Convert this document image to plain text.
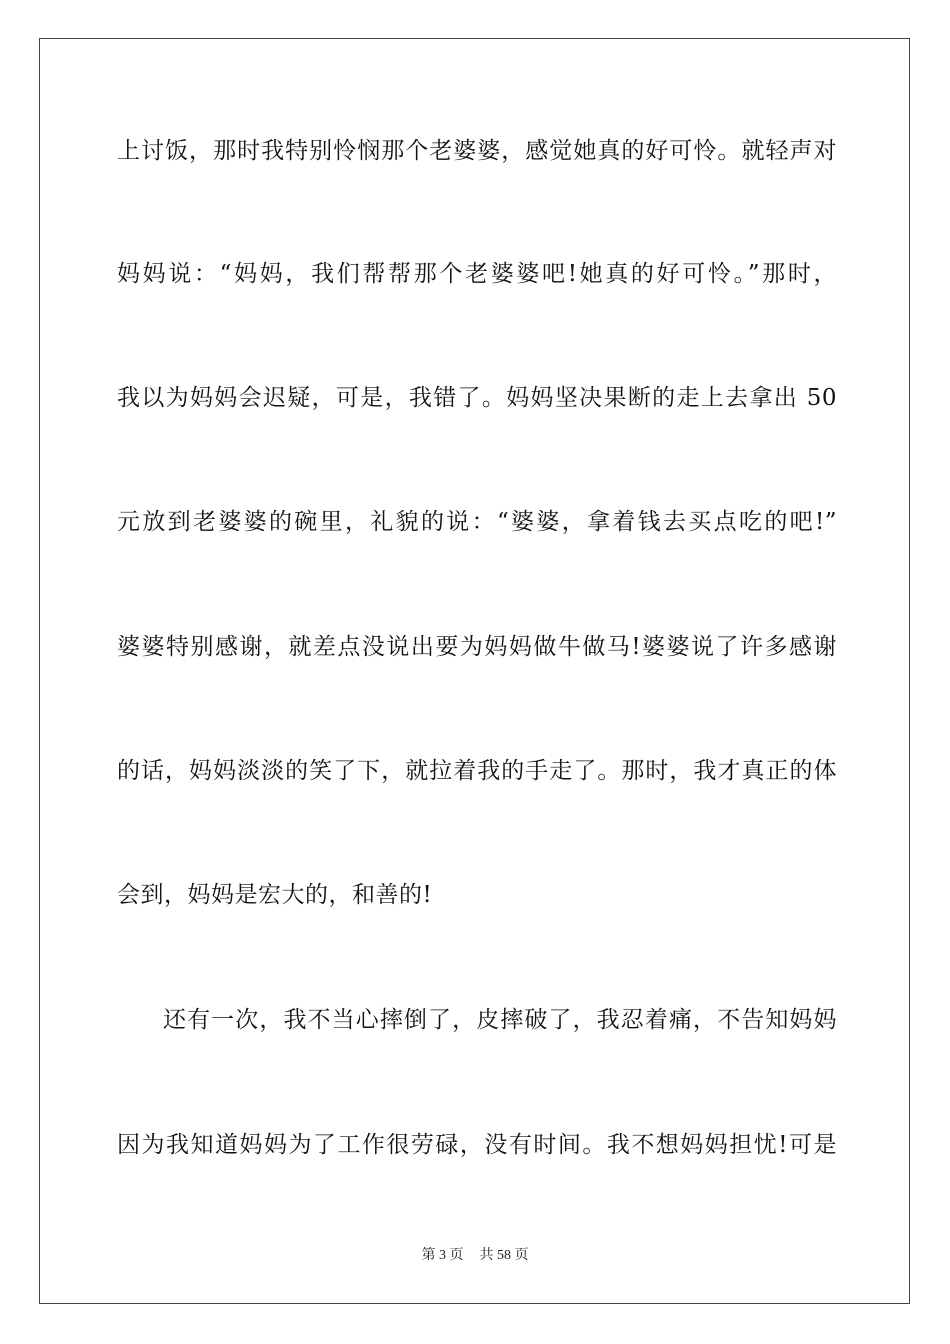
上讨饭，那时我特别怜悯那个老婆婆，感觉她真的好可怜。就轻声对
妈妈说：“妈妈，我们帮帮那个老婆婆吧!她真的好可怜。”那时，
我以为妈妈会迟疑，可是，我错了。妈妈坚决果断的走上去拿出 50
元放到老婆婆的碗里，礼貌的说：“婆婆，拿着钱去买点吃的吧!”
婆婆特别感谢，就差点没说出要为妈妈做牛做马!婆婆说了许多感谢
的话，妈妈淡淡的笑了下，就拉着我的手走了。那时，我才真正的体
会到，妈妈是宏大的，和善的!
还有一次，我不当心摔倒了，皮摔破了，我忍着痛，不告知妈妈
因为我知道妈妈为了工作很劳碌，没有时间。我不想妈妈担忧!可是
第 3 页 共 58 页
